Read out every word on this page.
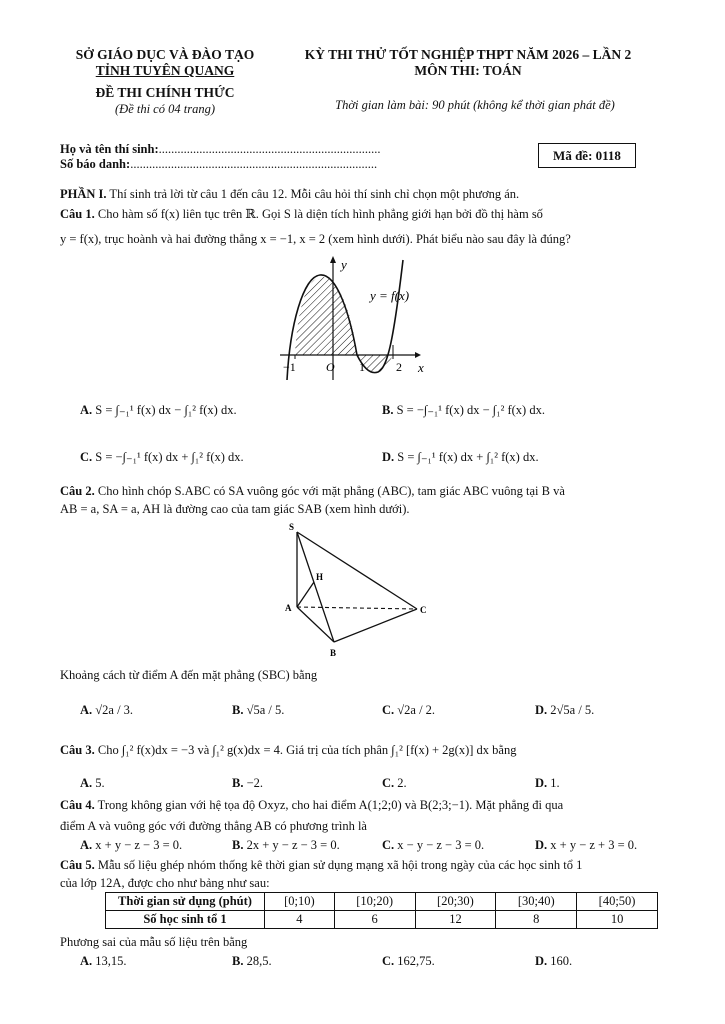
SỞ GIÁO DỤC VÀ ĐÀO TẠO
TỈNH TUYÊN QUANG
ĐỀ THI CHÍNH THỨC
(Đề thi có 04 trang)
KỲ THI THỬ TỐT NGHIỆP THPT NĂM 2026 – LẦN 2
MÔN THI: TOÁN
Thời gian làm bài: 90 phút (không kể thời gian phát đề)
Họ và tên thí sinh:.......................................................................
Số báo danh:...............................................................................
Mã đề: 0118
PHẦN I. Thí sinh trả lời từ câu 1 đến câu 12. Mỗi câu hỏi thí sinh chỉ chọn một phương án.
Câu 1. Cho hàm số f(x) liên tục trên ℝ. Gọi S là diện tích hình phẳng giới hạn bởi đồ thị hàm số
y = f(x), trục hoành và hai đường thẳng x = −1, x = 2 (xem hình dưới). Phát biểu nào sau đây là đúng?
y
x
y = f(x)
−1	O 1	2
A. S = ∫₋₁¹ f(x) dx − ∫₁² f(x) dx.	B. S = −∫₋₁¹ f(x) dx − ∫₁² f(x) dx.
C. S = −∫₋₁¹ f(x) dx + ∫₁² f(x) dx.	D. S = ∫₋₁¹ f(x) dx + ∫₁² f(x) dx.
Câu 2. Cho hình chóp S.ABC có SA vuông góc với mặt phẳng (ABC), tam giác ABC vuông tại B và
AB = a, SA = a, AH là đường cao của tam giác SAB (xem hình dưới).
S
H
A	C
B
Khoảng cách từ điểm A đến mặt phẳng (SBC) bằng
A. √2a / 3.	B. √5a / 5.	C. √2a / 2.	D. 2√5a / 5.
Câu 3. Cho ∫₁² f(x)dx = −3 và ∫₁² g(x)dx = 4. Giá trị của tích phân ∫₁² [f(x) + 2g(x)] dx bằng
A. 5.	B. −2.	C. 2.	D. 1.
Câu 4. Trong không gian với hệ tọa độ Oxyz, cho hai điểm A(1;2;0) và B(2;3;−1). Mặt phẳng đi qua
điểm A và vuông góc với đường thẳng AB có phương trình là
A. x + y − z − 3 = 0.	B. 2x + y − z − 3 = 0.	C. x − y − z − 3 = 0.	D. x + y − z + 3 = 0.
Câu 5. Mẫu số liệu ghép nhóm thống kê thời gian sử dụng mạng xã hội trong ngày của các học sinh tổ 1
của lớp 12A, được cho như bảng như sau:
Thời gian sử dụng (phút)	[0;10)	[10;20)	[20;30)	[30;40)	[40;50)
Số học sinh tổ 1	4	6	12	8	10
Phương sai của mẫu số liệu trên bằng
A. 13,15.	B. 28,5.	C. 162,75.	D. 160.
